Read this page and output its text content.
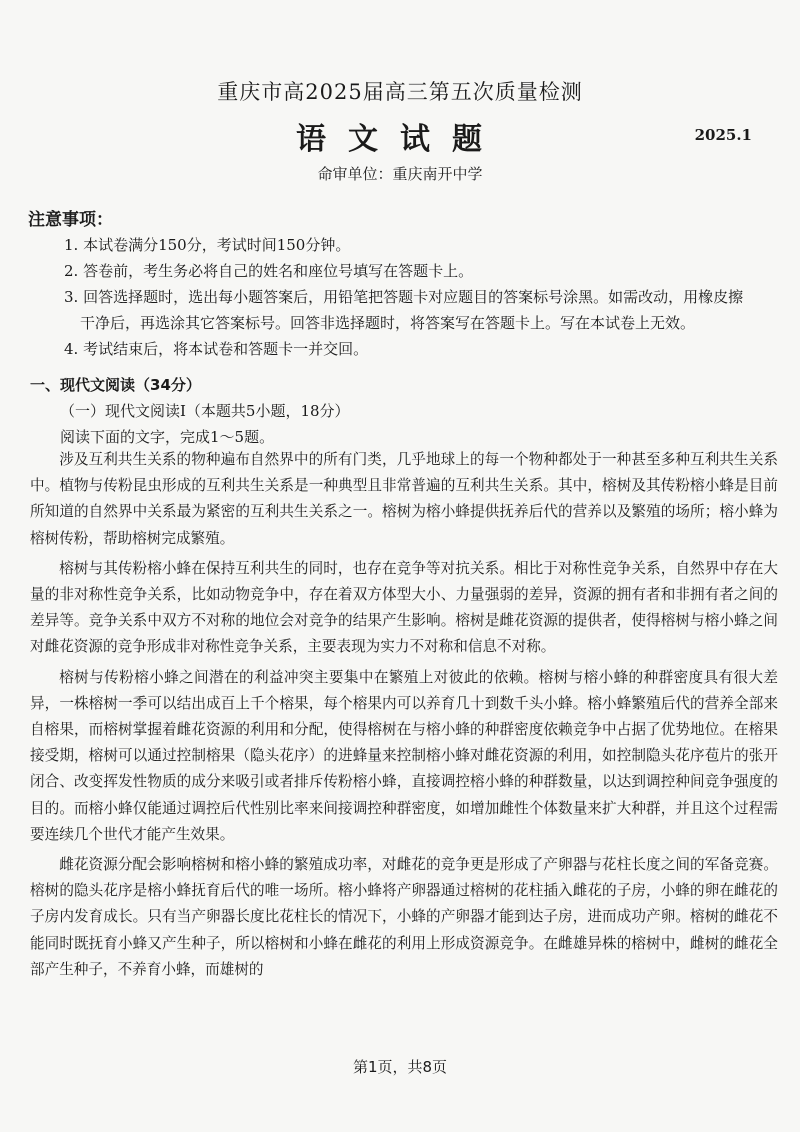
重庆市高2025届高三第五次质量检测
语文试题	2025.1
命审单位：重庆南开中学
注意事项：

1. 本试卷满分150分，考试时间150分钟。

2. 答卷前，考生务必将自己的姓名和座位号填写在答题卡上。

3. 回答选择题时，选出每小题答案后，用铅笔把答题卡对应题目的答案标号涂黑。如需改动，用橡皮擦
干净后，再选涂其它答案标号。回答非选择题时，将答案写在答题卡上。写在本试卷上无效。

4. 考试结束后，将本试卷和答题卡一并交回。

一、现代文阅读（34分）
（一）现代文阅读Ⅰ（本题共5小题，18分）
阅读下面的文字，完成1～5题。

涉及互利共生关系的物种遍布自然界中的所有门类，几乎地球上的每一个物种都处于一种甚至多种互利共生关系中。植物与传粉昆虫形成的互利共生关系是一种典型且非常普遍的互利共生关系。其中，榕树及其传粉榕小蜂是目前所知道的自然界中关系最为紧密的互利共生关系之一。榕树为榕小蜂提供抚养后代的营养以及繁殖的场所；榕小蜂为榕树传粉，帮助榕树完成繁殖。

榕树与其传粉榕小蜂在保持互利共生的同时，也存在竞争等对抗关系。相比于对称性竞争关系，自然界中存在大量的非对称性竞争关系，比如动物竞争中，存在着双方体型大小、力量强弱的差异，资源的拥有者和非拥有者之间的差异等。竞争关系中双方不对称的地位会对竞争的结果产生影响。榕树是雌花资源的提供者，使得榕树与榕小蜂之间对雌花资源的竞争形成非对称性竞争关系，主要表现为实力不对称和信息不对称。

榕树与传粉榕小蜂之间潜在的利益冲突主要集中在繁殖上对彼此的依赖。榕树与榕小蜂的种群密度具有很大差异，一株榕树一季可以结出成百上千个榕果，每个榕果内可以养育几十到数千头小蜂。榕小蜂繁殖后代的营养全部来自榕果，而榕树掌握着雌花资源的利用和分配，使得榕树在与榕小蜂的种群密度依赖竞争中占据了优势地位。在榕果接受期，榕树可以通过控制榕果（隐头花序）的进蜂量来控制榕小蜂对雌花资源的利用，如控制隐头花序苞片的张开闭合、改变挥发性物质的成分来吸引或者排斥传粉榕小蜂，直接调控榕小蜂的种群数量，以达到调控种间竞争强度的目的。而榕小蜂仅能通过调控后代性别比率来间接调控种群密度，如增加雌性个体数量来扩大种群，并且这个过程需要连续几个世代才能产生效果。

雌花资源分配会影响榕树和榕小蜂的繁殖成功率，对雌花的竞争更是形成了产卵器与花柱长度之间的军备竞赛。榕树的隐头花序是榕小蜂抚育后代的唯一场所。榕小蜂将产卵器通过榕树的花柱插入雌花的子房，小蜂的卵在雌花的子房内发育成长。只有当产卵器长度比花柱长的情况下，小蜂的产卵器才能到达子房，进而成功产卵。榕树的雌花不能同时既抚育小蜂又产生种子，所以榕树和小蜂在雌花的利用上形成资源竞争。在雌雄异株的榕树中，雌树的雌花全部产生种子，不养育小蜂，而雄树的

第1页，共8页
